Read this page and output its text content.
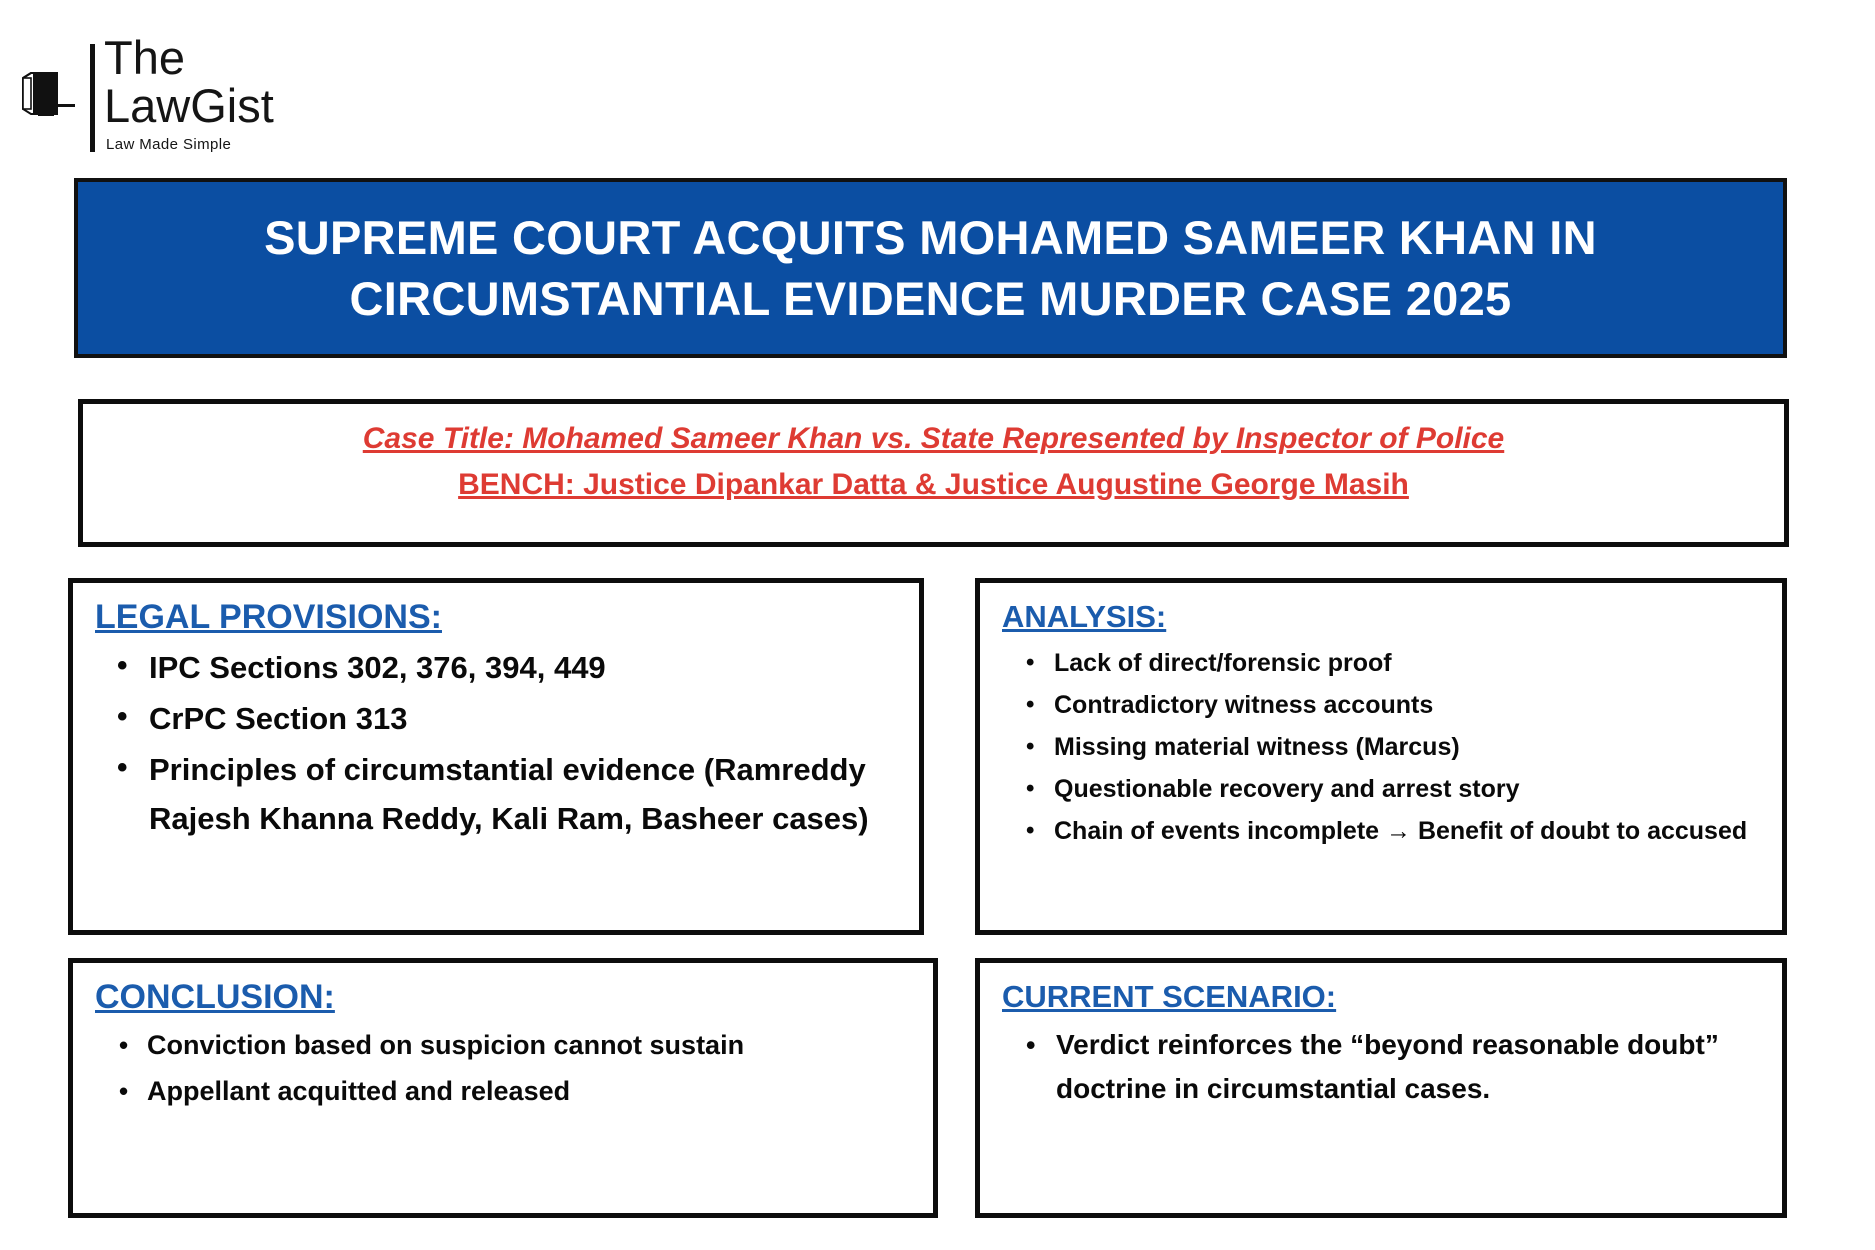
The
LawGist
Law Made Simple
SUPREME COURT ACQUITS MOHAMED SAMEER KHAN IN CIRCUMSTANTIAL EVIDENCE MURDER CASE 2025
Case Title: Mohamed Sameer Khan vs. State Represented by Inspector of Police
BENCH: Justice Dipankar Datta & Justice Augustine George Masih
LEGAL PROVISIONS:
• IPC Sections 302, 376, 394, 449
• CrPC Section 313
• Principles of circumstantial evidence (Ramreddy Rajesh Khanna Reddy, Kali Ram, Basheer cases)
ANALYSIS:
• Lack of direct/forensic proof
• Contradictory witness accounts
• Missing material witness (Marcus)
• Questionable recovery and arrest story
• Chain of events incomplete → Benefit of doubt to accused
CONCLUSION:
• Conviction based on suspicion cannot sustain
• Appellant acquitted and released
CURRENT SCENARIO:
• Verdict reinforces the “beyond reasonable doubt” doctrine in circumstantial cases.
